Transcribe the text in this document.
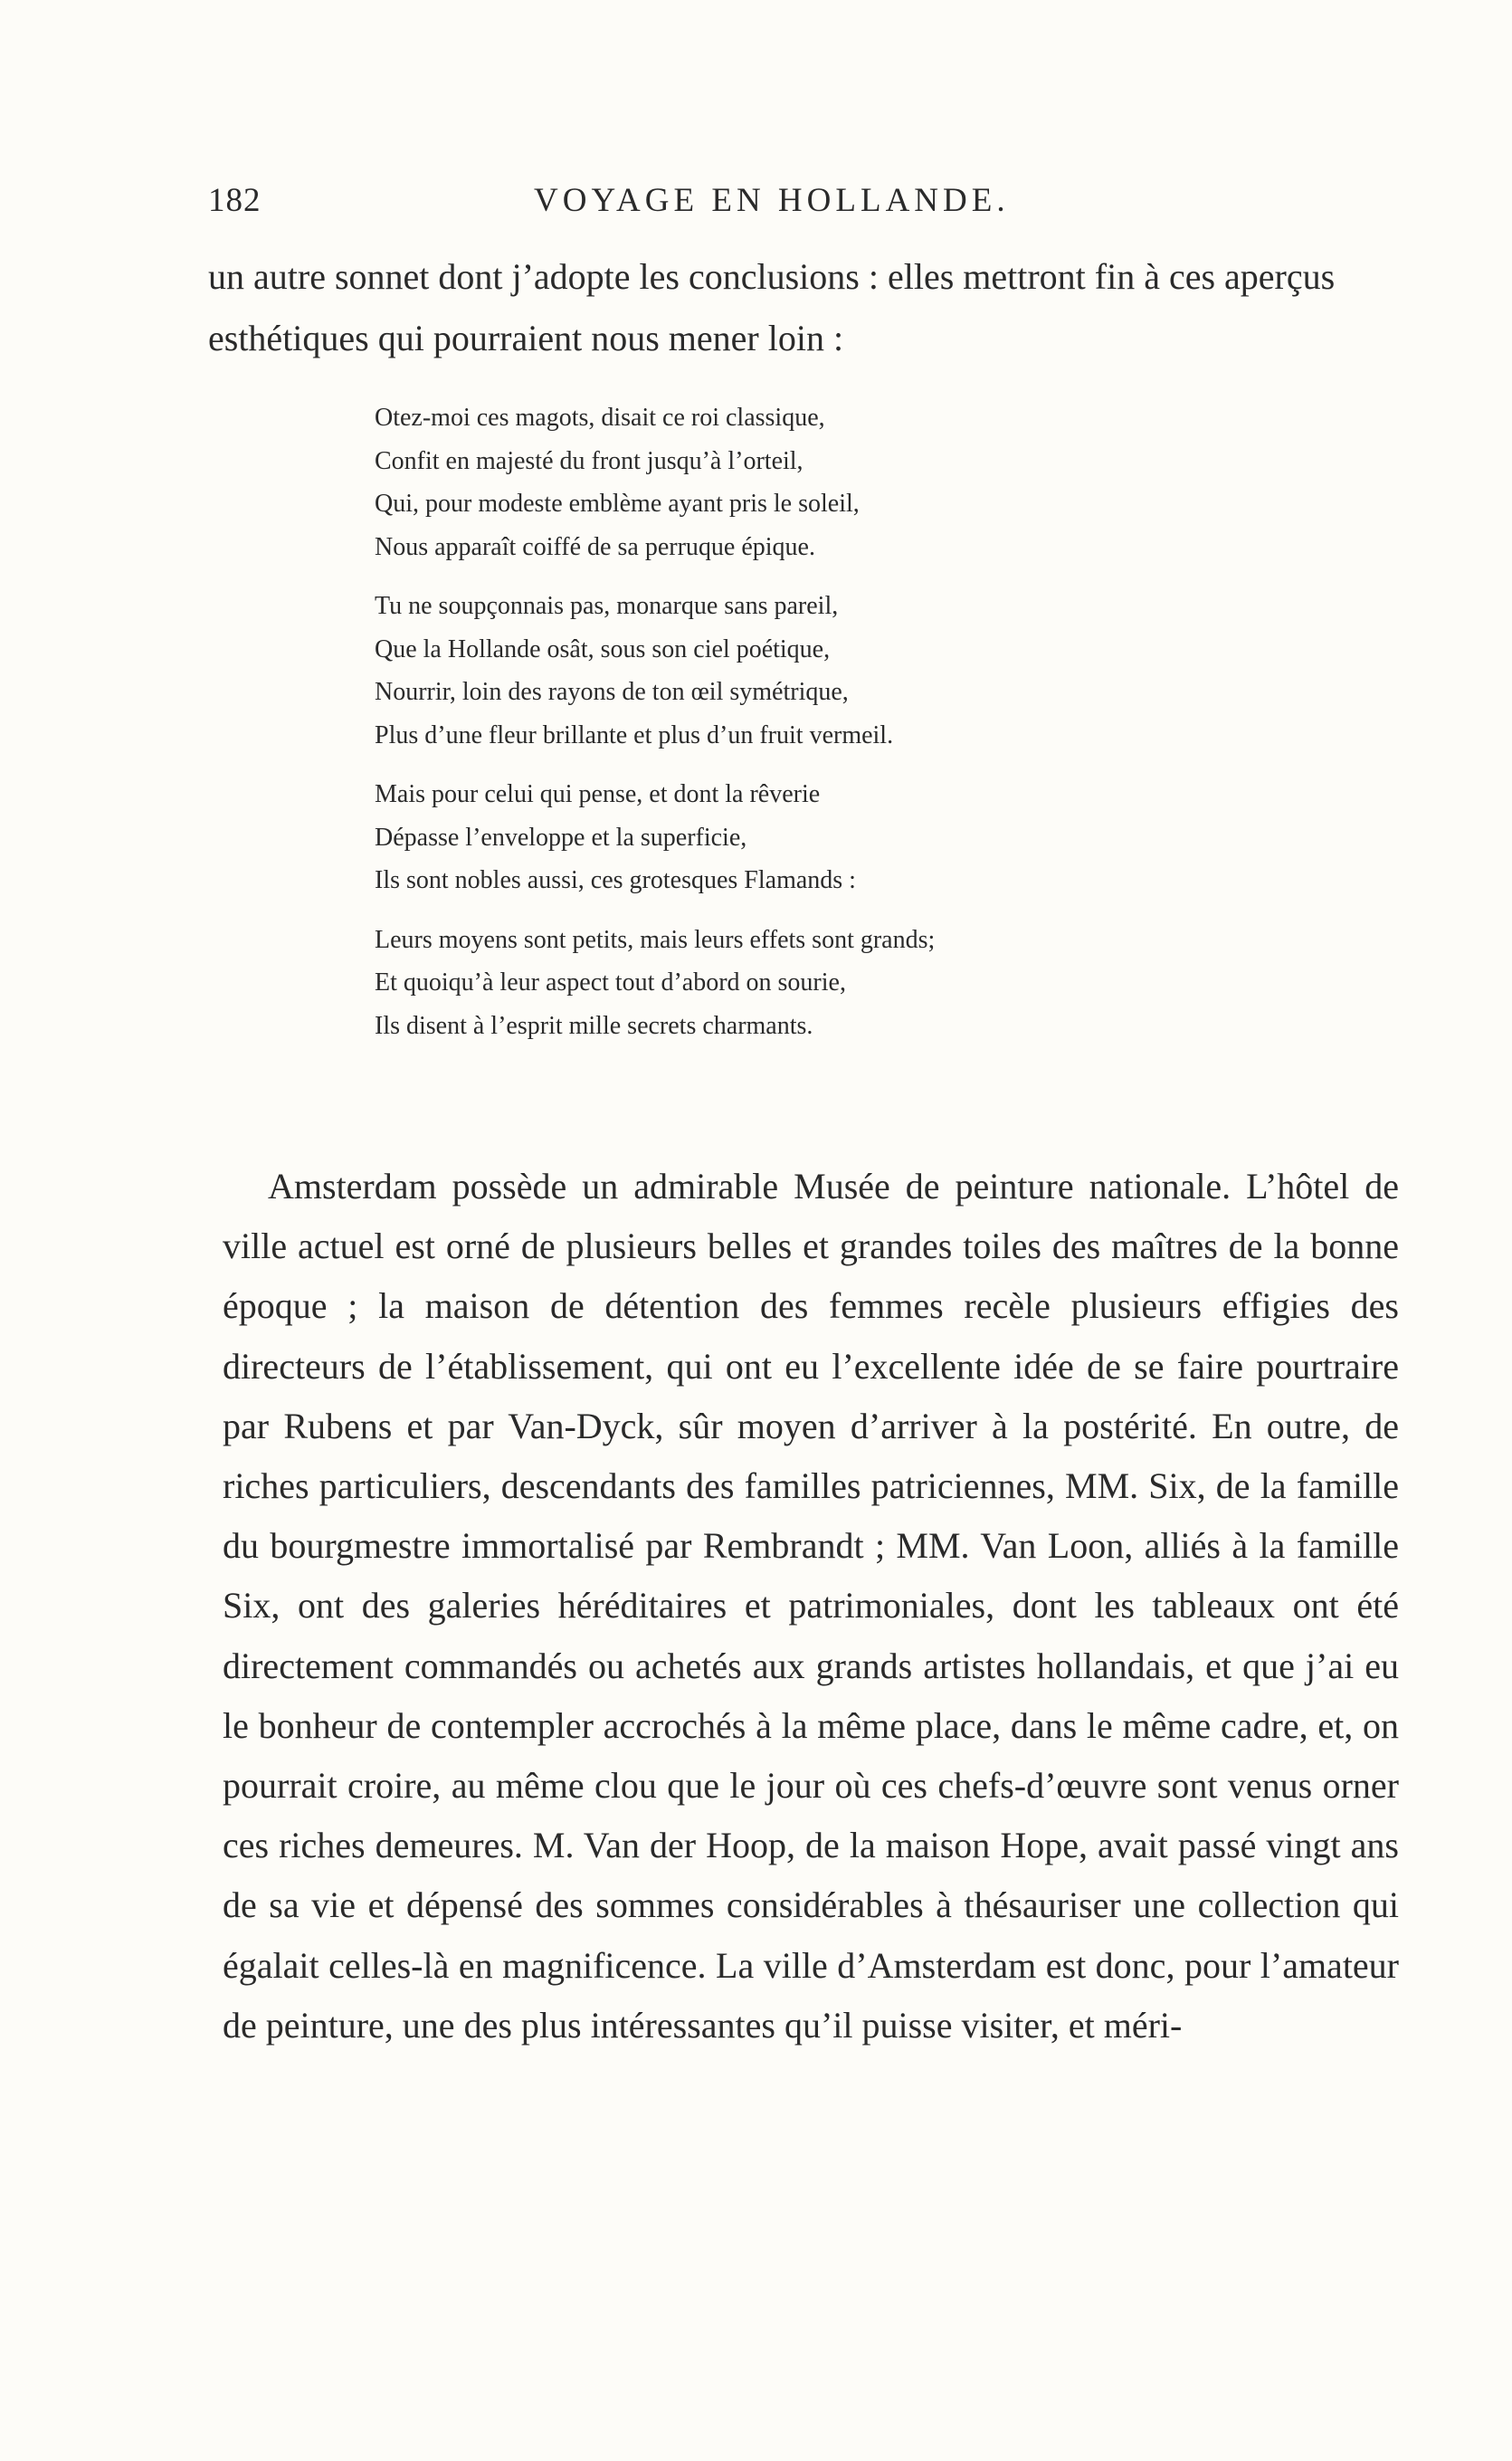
182	VOYAGE EN HOLLANDE.

un autre sonnet dont j’adopte les conclusions : elles mettront fin à ces aperçus esthétiques qui pourraient nous mener loin :

Otez-moi ces magots, disait ce roi classique,
Confit en majesté du front jusqu’à l’orteil,
Qui, pour modeste emblème ayant pris le soleil,
Nous apparaît coiffé de sa perruque épique.
Tu ne soupçonnais pas, monarque sans pareil,
Que la Hollande osât, sous son ciel poétique,
Nourrir, loin des rayons de ton œil symétrique,
Plus d’une fleur brillante et plus d’un fruit vermeil.
Mais pour celui qui pense, et dont la rêverie
Dépasse l’enveloppe et la superficie,
Ils sont nobles aussi, ces grotesques Flamands :
Leurs moyens sont petits, mais leurs effets sont grands;
Et quoiqu’à leur aspect tout d’abord on sourie,
Ils disent à l’esprit mille secrets charmants.

Amsterdam possède un admirable Musée de peinture nationale. L’hôtel de ville actuel est orné de plusieurs belles et grandes toiles des maîtres de la bonne époque ; la maison de détention des femmes recèle plusieurs effigies des directeurs de l’établissement, qui ont eu l’excellente idée de se faire pourtraire par Rubens et par Van-Dyck, sûr moyen d’arriver à la postérité. En outre, de riches particuliers, descendants des familles patriciennes, MM. Six, de la famille du bourgmestre immortalisé par Rembrandt ; MM. Van Loon, alliés à la famille Six, ont des galeries héréditaires et patrimoniales, dont les tableaux ont été directement commandés ou achetés aux grands artistes hollandais, et que j’ai eu le bonheur de contempler accrochés à la même place, dans le même cadre, et, on pourrait croire, au même clou que le jour où ces chefs-d’œuvre sont venus orner ces riches demeures. M. Van der Hoop, de la maison Hope, avait passé vingt ans de sa vie et dépensé des sommes considérables à thésauriser une collection qui égalait celles-là en magnificence. La ville d’Amsterdam est donc, pour l’amateur de peinture, une des plus intéressantes qu’il puisse visiter, et méri-
